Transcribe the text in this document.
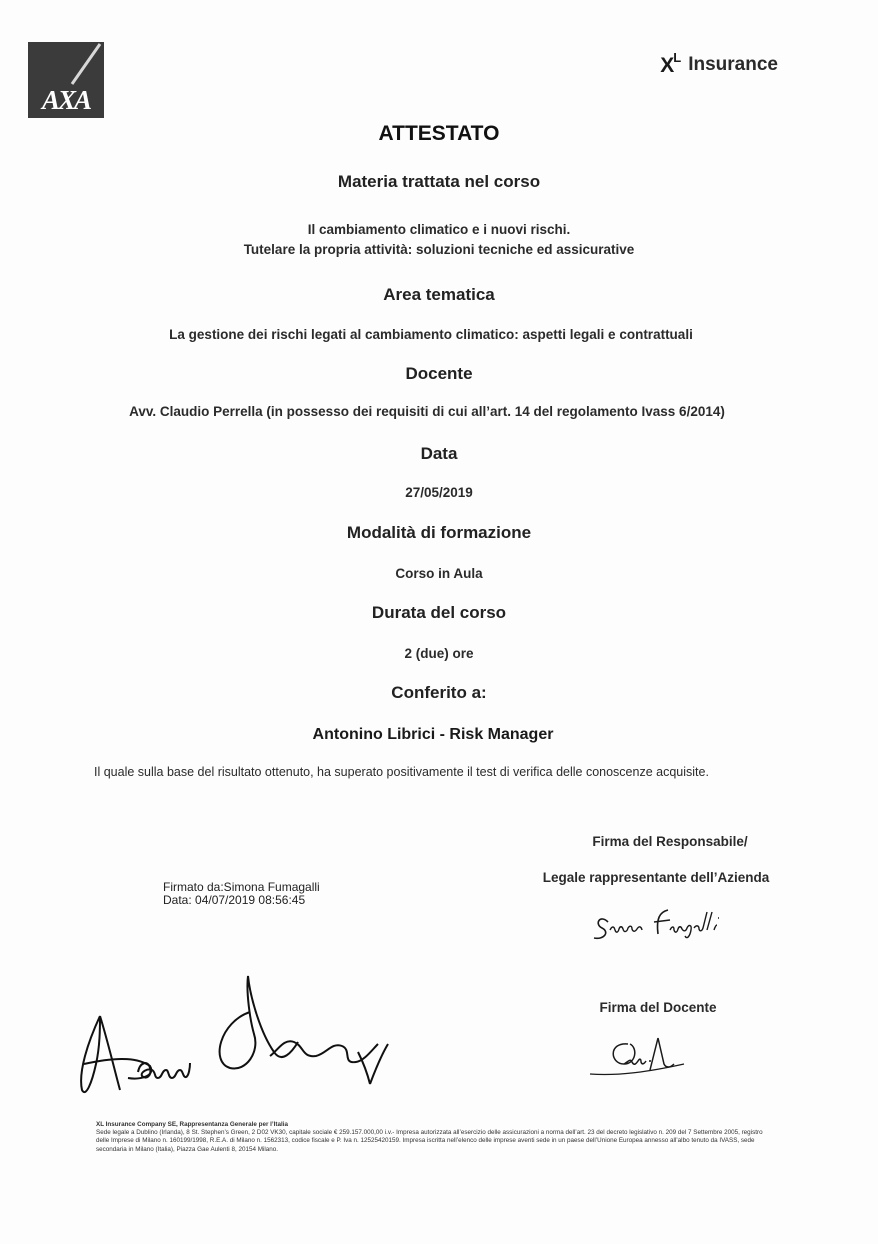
AXA
$X^L$ Insurance
ATTESTATO
Materia trattata nel corso
Il cambiamento climatico e i nuovi rischi.
Tutelare la propria attività: soluzioni tecniche ed assicurative
Area tematica
La gestione dei rischi legati al cambiamento climatico: aspetti legali e contrattuali
Docente
Avv. Claudio Perrella (in possesso dei requisiti di cui all’art. 14 del regolamento Ivass 6/2014)
Data
27/05/2019
Modalità di formazione
Corso in Aula
Durata del corso
2 (due) ore
Conferito a:
Antonino Librici - Risk Manager
Il quale sulla base del risultato ottenuto, ha superato positivamente il test di verifica delle conoscenze acquisite.
Firma del Responsabile/
Legale rappresentante dell’Azienda
Firmato da:Simona Fumagalli
Data: 04/07/2019 08:56:45
Firma del Docente
XL Insurance Company SE, Rappresentanza Generale per l’Italia
Sede legale a Dublino (Irlanda), 8 St. Stephen’s Green, 2 D02 VK30, capitale sociale € 259.157.000,00 i.v.- Impresa autorizzata all’esercizio delle assicurazioni a norma dell’art. 23 del decreto legislativo n. 209 del 7 Settembre 2005, registro delle Imprese di Milano n. 160199/1998, R.E.A. di Milano n. 1562313, codice fiscale e P. Iva n. 12525420159. Impresa iscritta nell’elenco delle imprese aventi sede in un paese dell’Unione Europea annesso all’albo tenuto da IVASS, sede secondaria in Milano (Italia), Piazza Gae Aulenti 8, 20154 Milano.
